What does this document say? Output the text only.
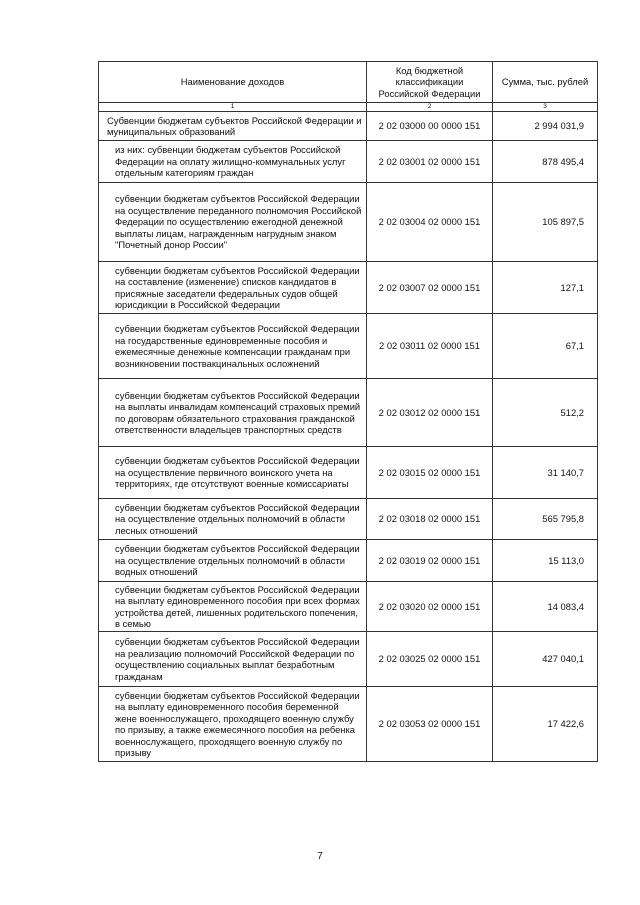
Наименование доходов	Код бюджетной классификации Российской Федерации	Сумма, тыс. рублей
1	2	3
Субвенции бюджетам субъектов Российской Федерации и муниципальных образований	2 02 03000 00 0000 151	2 994 031,9
из них: субвенции бюджетам субъектов Российской Федерации на оплату жилищно-коммунальных услуг отдельным категориям граждан	2 02 03001 02 0000 151	878 495,4
субвенции бюджетам субъектов Российской Федерации на осуществление переданного полномочия Российской Федерации по осуществлению ежегодной денежной выплаты лицам, награжденным нагрудным знаком "Почетный донор России"	2 02 03004 02 0000 151	105 897,5
субвенции бюджетам субъектов Российской Федерации на составление (изменение) списков кандидатов в присяжные заседатели федеральных судов общей юрисдикции в Российской Федерации	2 02 03007 02 0000 151	127,1
субвенции бюджетам субъектов Российской Федерации на государственные единовременные пособия и ежемесячные денежные компенсации гражданам при возникновении поствакцинальных осложнений	2 02 03011 02 0000 151	67,1
субвенции бюджетам субъектов Российской Федерации на выплаты инвалидам компенсаций страховых премий по договорам обязательного страхования гражданской ответственности владельцев транспортных средств	2 02 03012 02 0000 151	512,2
субвенции бюджетам субъектов Российской Федерации на осуществление первичного воинского учета на территориях, где отсутствуют военные комиссариаты	2 02 03015 02 0000 151	31 140,7
субвенции бюджетам субъектов Российской Федерации на осуществление отдельных полномочий в области лесных отношений	2 02 03018 02 0000 151	565 795,8
субвенции бюджетам субъектов Российской Федерации на осуществление отдельных полномочий в области водных отношений	2 02 03019 02 0000 151	15 113,0
субвенции бюджетам субъектов Российской Федерации на выплату единовременного пособия при всех формах устройства детей, лишенных родительского попечения, в семью	2 02 03020 02 0000 151	14 083,4
субвенции бюджетам субъектов Российской Федерации на реализацию полномочий Российской Федерации по осуществлению социальных выплат безработным гражданам	2 02 03025 02 0000 151	427 040,1
субвенции бюджетам субъектов Российской Федерации на выплату единовременного пособия беременной жене военнослужащего, проходящего военную службу по призыву, а также ежемесячного пособия на ребенка военнослужащего, проходящего военную службу по призыву	2 02 03053 02 0000 151	17 422,6
7
